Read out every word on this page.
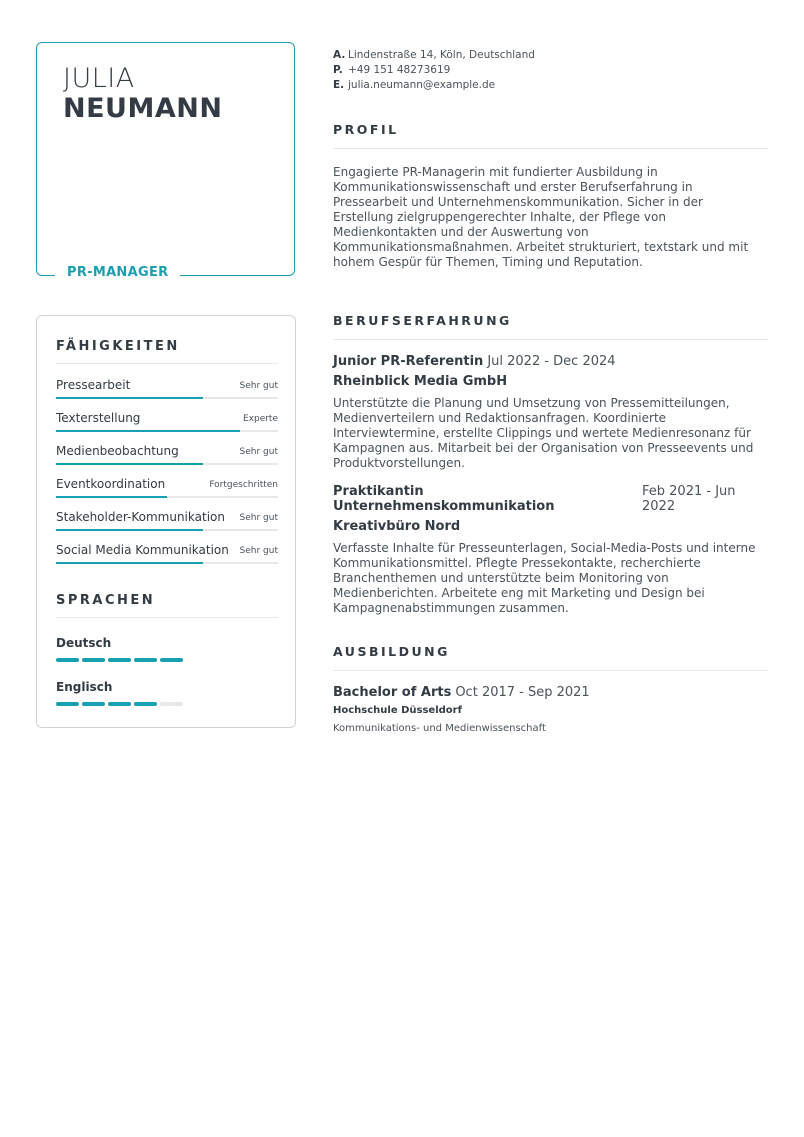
JULIA
NEUMANN
PR-MANAGER
FÄHIGKEITEN
Pressearbeit	Sehr gut
Texterstellung	Experte
Medienbeobachtung	Sehr gut
Eventkoordination	Fortgeschritten
Stakeholder-Kommunikation Sehr gut
Social Media Kommunikation Sehr gut
SPRACHEN
Deutsch
Englisch
A. Lindenstraße 14, Köln, Deutschland
P. +49 151 48273619
E. julia.neumann@example.de
PROFIL
Engagierte PR-Managerin mit fundierter Ausbildung in Kommunikationswissenschaft und erster Berufserfahrung in Pressearbeit und Unternehmenskommunikation. Sicher in der Erstellung zielgruppengerechter Inhalte, der Pflege von Medienkontakten und der Auswertung von Kommunikationsmaßnahmen. Arbeitet strukturiert, textstark und mit hohem Gespür für Themen, Timing und Reputation.
BERUFSERFAHRUNG
Junior PR-Referentin Jul 2022 - Dec 2024
Rheinblick Media GmbH
Unterstützte die Planung und Umsetzung von Pressemitteilungen, Medienverteilern und Redaktionsanfragen. Koordinierte Interviewtermine, erstellte Clippings und wertete Medienresonanz für Kampagnen aus. Mitarbeit bei der Organisation von Presseevents und Produktvorstellungen.
Praktikantin Unternehmenskommunikation
Feb 2021 - Jun 2022
Kreativbüro Nord
Verfasste Inhalte für Presseunterlagen, Social-Media-Posts und interne Kommunikationsmittel. Pflegte Pressekontakte, recherchierte Branchenthemen und unterstützte beim Monitoring von Medienberichten. Arbeitete eng mit Marketing und Design bei Kampagnenabstimmungen zusammen.
AUSBILDUNG
Bachelor of Arts Oct 2017 - Sep 2021
Hochschule Düsseldorf
Kommunikations- und Medienwissenschaft
